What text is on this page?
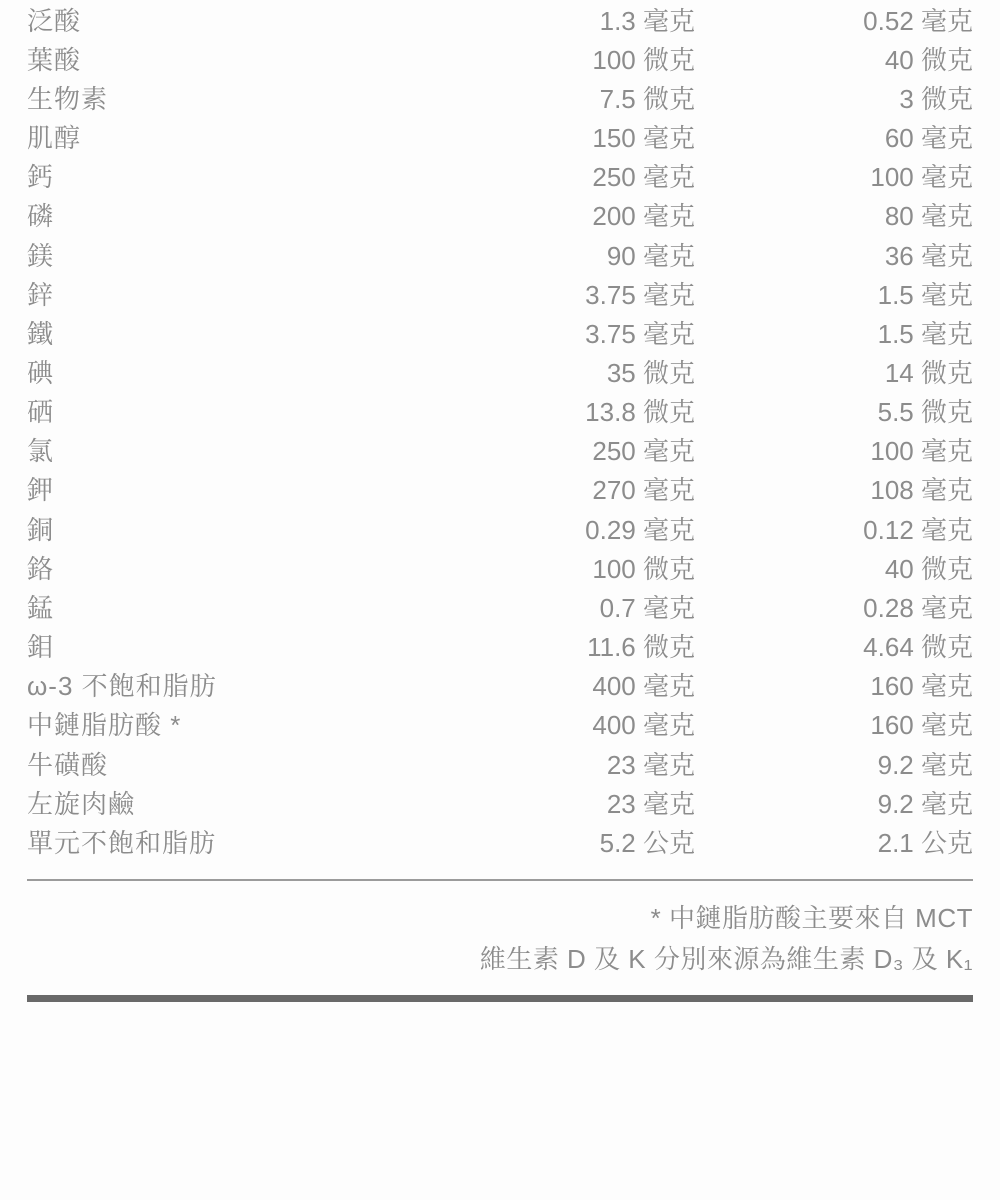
泛酸	1.3 毫克	0.52 毫克
葉酸	100 微克	40 微克
生物素	7.5 微克	3 微克
肌醇	150 毫克	60 毫克
鈣	250 毫克	100 毫克
磷	200 毫克	80 毫克
鎂	90 毫克	36 毫克
鋅	3.75 毫克	1.5 毫克
鐵	3.75 毫克	1.5 毫克
碘	35 微克	14 微克
硒	13.8 微克	5.5 微克
氯	250 毫克	100 毫克
鉀	270 毫克	108 毫克
銅	0.29 毫克	0.12 毫克
鉻	100 微克	40 微克
錳	0.7 毫克	0.28 毫克
鉬	11.6 微克	4.64 微克
ω-3 不飽和脂肪	400 毫克	160 毫克
中鏈脂肪酸 *	400 毫克	160 毫克
牛磺酸	23 毫克	9.2 毫克
左旋肉鹼	23 毫克	9.2 毫克
單元不飽和脂肪	5.2 公克	2.1 公克
* 中鏈脂肪酸主要來自 MCT
維生素 D 及 K 分別來源為維生素 D₃ 及 K₁
